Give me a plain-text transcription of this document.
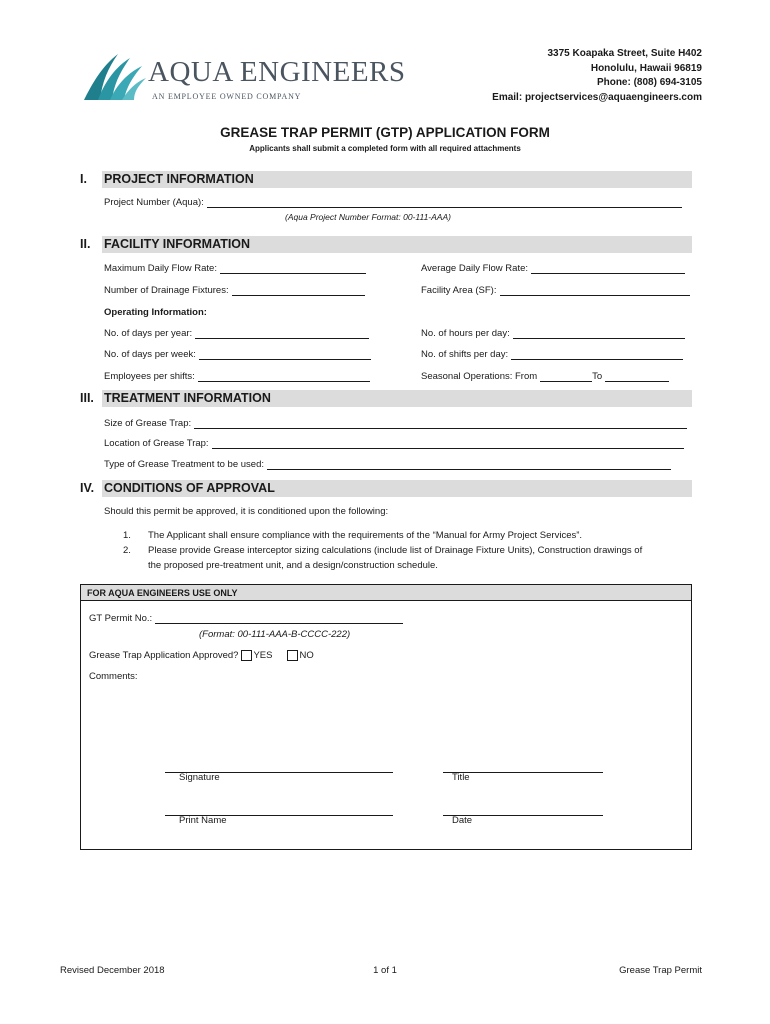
AQUA ENGINEERS
AN EMPLOYEE OWNED COMPANY
3375 Koapaka Street, Suite H402
Honolulu, Hawaii 96819
Phone: (808) 694-3105
Email: projectservices@aquaengineers.com
GREASE TRAP PERMIT (GTP) APPLICATION FORM
Applicants shall submit a completed form with all required attachments
I. PROJECT INFORMATION
Project Number (Aqua):
(Aqua Project Number Format: 00-111-AAA)
II. FACILITY INFORMATION
Maximum Daily Flow Rate:	Average Daily Flow Rate:
Number of Drainage Fixtures:	Facility Area (SF):
Operating Information:
No. of days per year:	No. of hours per day:
No. of days per week:	No. of shifts per day:
Employees per shifts:	Seasonal Operations: From	To
III. TREATMENT INFORMATION
Size of Grease Trap:
Location of Grease Trap:
Type of Grease Treatment to be used:
IV. CONDITIONS OF APPROVAL
Should this permit be approved, it is conditioned upon the following:
1.	The Applicant shall ensure compliance with the requirements of the “Manual for Army Project Services”.
2.	Please provide Grease interceptor sizing calculations (include list of Drainage Fixture Units), Construction drawings of
the proposed pre-treatment unit, and a design/construction schedule.
FOR AQUA ENGINEERS USE ONLY
GT Permit No.:
(Format: 00-111-AAA-B-CCCC-222)
Grease Trap Application Approved?	YES	NO
Comments:
Signature	Title
Print Name	Date
Revised December 2018	1 of 1	Grease Trap Permit
